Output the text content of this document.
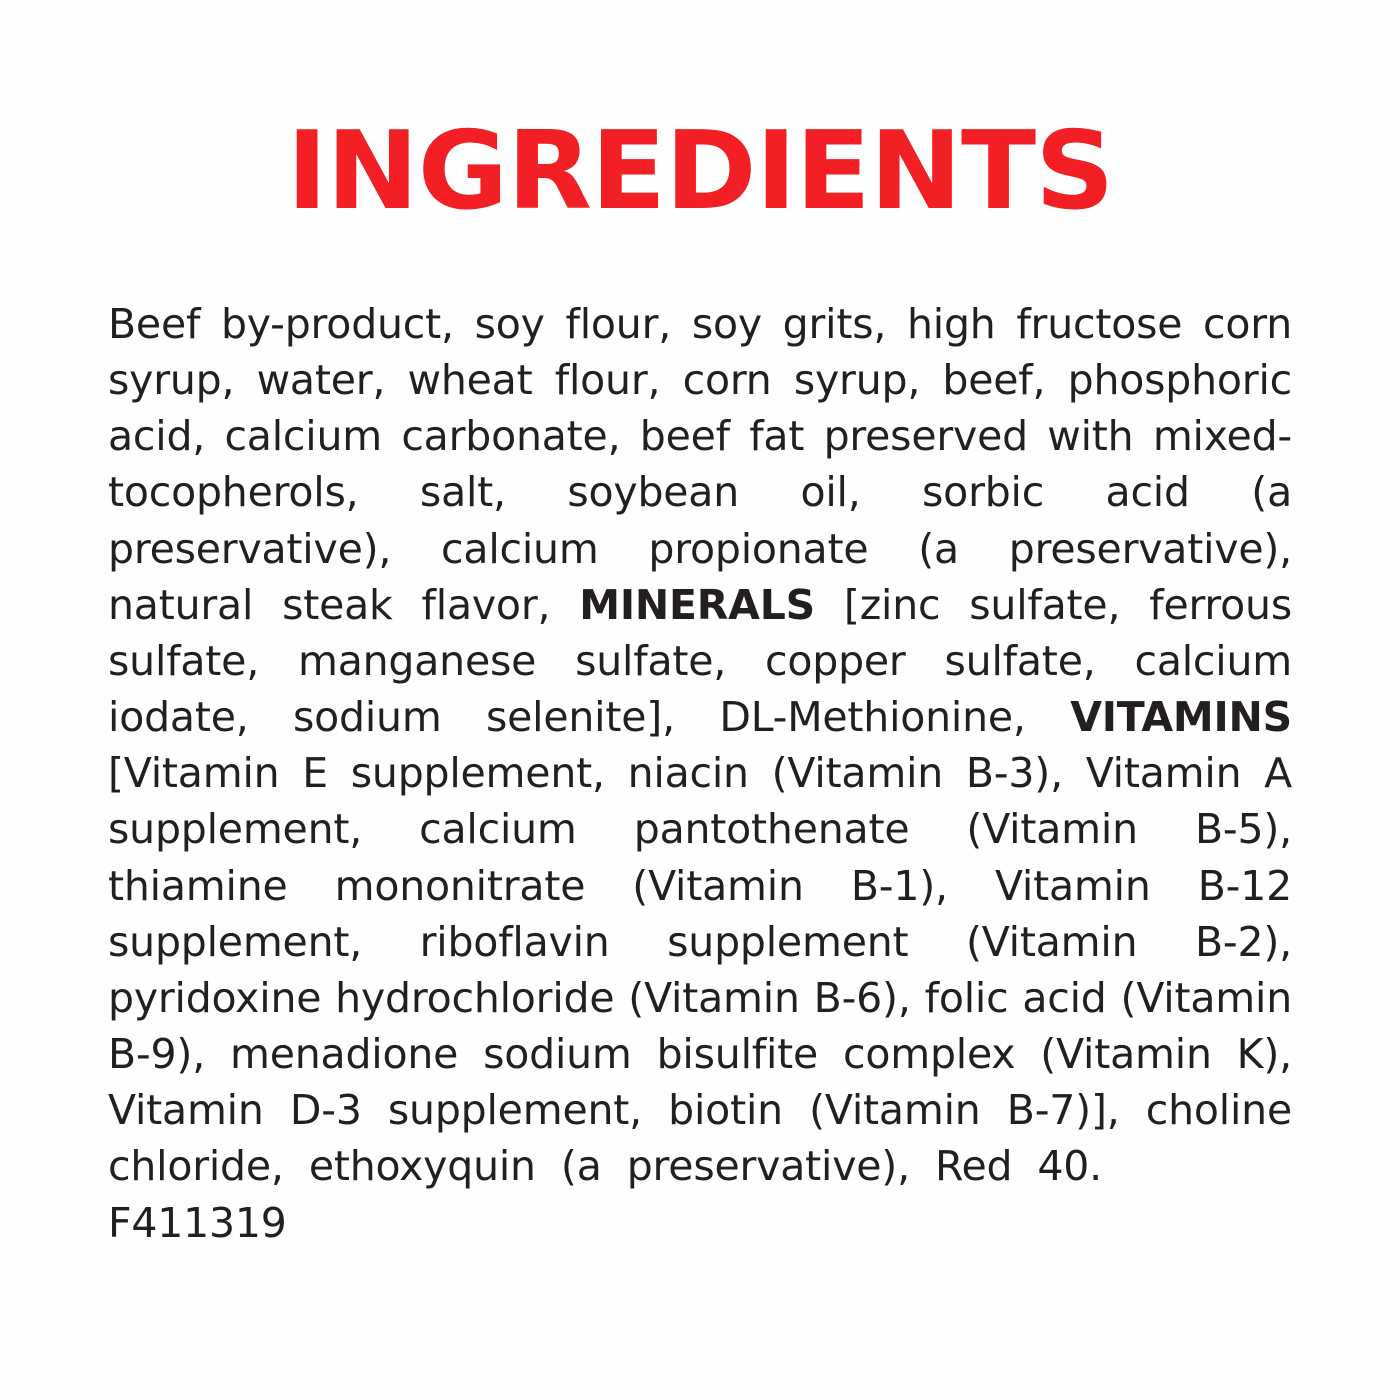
INGREDIENTS
Beef by-product, soy flour, soy grits, high fructose corn syrup, water, wheat flour, corn syrup, beef, phosphoric acid, calcium carbonate, beef fat preserved with mixed-tocopherols, salt, soybean oil, sorbic acid (a preservative), calcium propionate (a preservative), natural steak flavor, MINERALS [zinc sulfate, ferrous sulfate, manganese sulfate, copper sulfate, calcium iodate, sodium selenite], DL-Methionine, VITAMINS [Vitamin E supplement, niacin (Vitamin B-3), Vitamin A supplement, calcium pantothenate (Vitamin B-5), thiamine mononitrate (Vitamin B-1), Vitamin B-12 supplement, riboflavin supplement (Vitamin B-2), pyridoxine hydrochloride (Vitamin B-6), folic acid (Vitamin B-9), menadione sodium bisulfite complex (Vitamin K), Vitamin D-3 supplement, biotin (Vitamin B-7)], choline chloride, ethoxyquin (a preservative), Red 40.F411319
